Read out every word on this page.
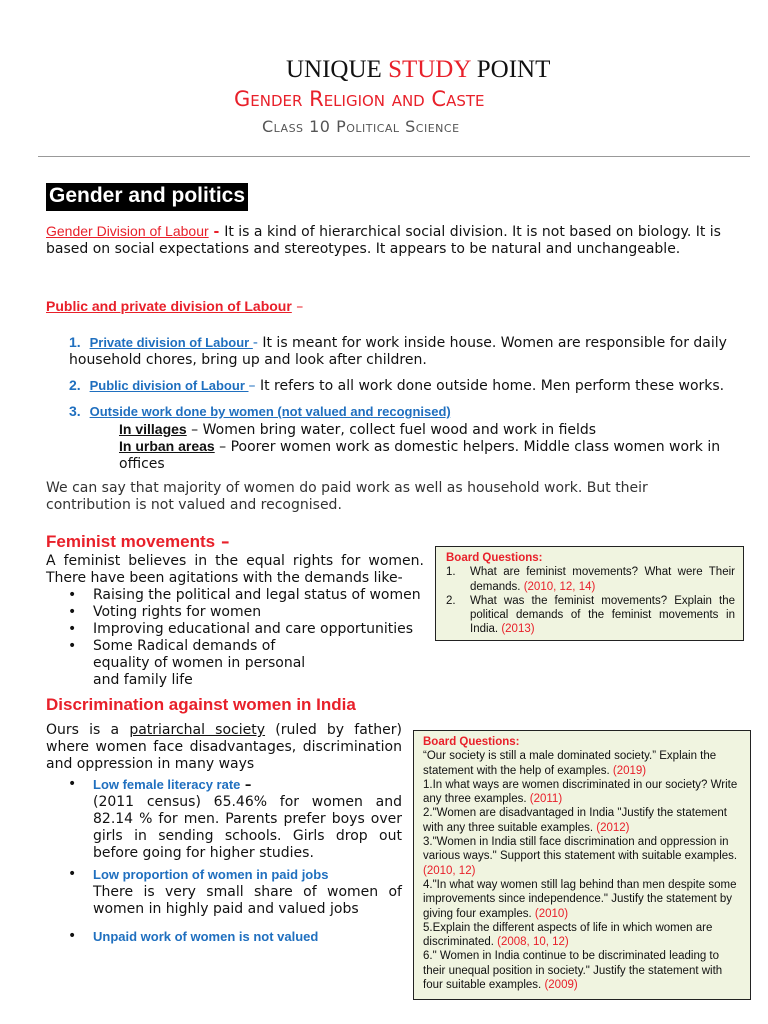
UNIQUE STUDY POINT
Gender Religion and Caste
Class 10 Political Science
Gender and politics
Gender Division of Labour - It is a kind of hierarchical social division. It is not based on biology. It is based on social expectations and stereotypes. It appears to be natural and unchangeable.
Public and private division of Labour –
1. Private division of Labour - It is meant for work inside house. Women are responsible for daily household chores, bring up and look after children.
2. Public division of Labour – It refers to all work done outside home. Men perform these works.
3. Outside work done by women (not valued and recognised)
In villages – Women bring water, collect fuel wood and work in fields
In urban areas – Poorer women work as domestic helpers. Middle class women work in offices
We can say that majority of women do paid work as well as household work. But their contribution is not valued and recognised.
Feminist movements –
A feminist believes in the equal rights for women. There have been agitations with the demands like-
• Raising the political and legal status of women
• Voting rights for women
• Improving educational and care opportunities
• Some Radical demands of equality of women in personal and family life
Board Questions:
1.	What are feminist movements? What were Their demands. (2010, 12, 14)
2.	What was the feminist movements? Explain the political demands of the feminist movements in India. (2013)
Discrimination against women in India
Ours is a patriarchal society (ruled by father) where women face disadvantages, discrimination and oppression in many ways
• Low female literacy rate –
(2011 census) 65.46% for women and 82.14 % for men. Parents prefer boys over girls in sending schools. Girls drop out before going for higher studies.
• Low proportion of women in paid jobs
There is very small share of women of women in highly paid and valued jobs
• Unpaid work of women is not valued
Board Questions:
“Our society is still a male dominated society.” Explain the statement with the help of examples. (2019)
1.In what ways are women discriminated in our society? Write any three examples. (2011)
2."Women are disadvantaged in India "Justify the statement with any three suitable examples. (2012)
3."Women in India still face discrimination and oppression in various ways." Support this statement with suitable examples. (2010, 12)
4."In what way women still lag behind than men despite some improvements since independence." Justify the statement by giving four examples. (2010)
5.Explain the different aspects of life in which women are discriminated. (2008, 10, 12)
6." Women in India continue to be discriminated leading to their unequal position in society." Justify the statement with four suitable examples. (2009)
